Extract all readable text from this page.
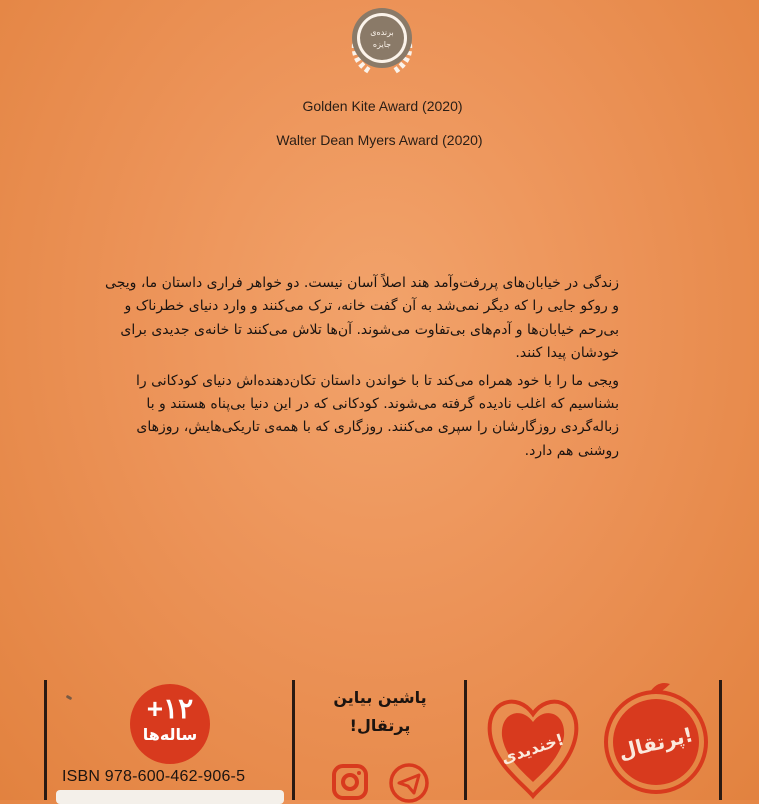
برنده‌ی
جایزه
Golden Kite Award (2020)
Walter Dean Myers Award (2020)

زندگی در خیابان‌های پررفت‌وآمد هند اصلاً آسان نیست. دو خواهر فراری داستان ما، ویجی و روکو جایی را که دیگر نمی‌شد به آن گفت خانه، ترک می‌کنند و وارد دنیای خطرناک و بی‌رحم خیابان‌ها و آدم‌های بی‌تفاوت می‌شوند. آن‌ها تلاش می‌کنند تا خانه‌ی جدیدی برای خودشان پیدا کنند.

ویجی ما را با خود همراه می‌کند تا با خواندن داستان تکان‌دهنده‌اش دنیای کودکانی را بشناسیم که اغلب نادیده گرفته می‌شوند. کودکانی که در این دنیا بی‌پناه هستند و با زباله‌گردی روزگارشان را سپری می‌کنند. روزگاری که با همه‌ی تاریکی‌هایش، روزهای روشنی هم دارد.

+۱۲
ساله‌ها
ISBN 978-600-462-906-5
پاشین بیاین
پرتقال!
خندیدی! پرتقال!
